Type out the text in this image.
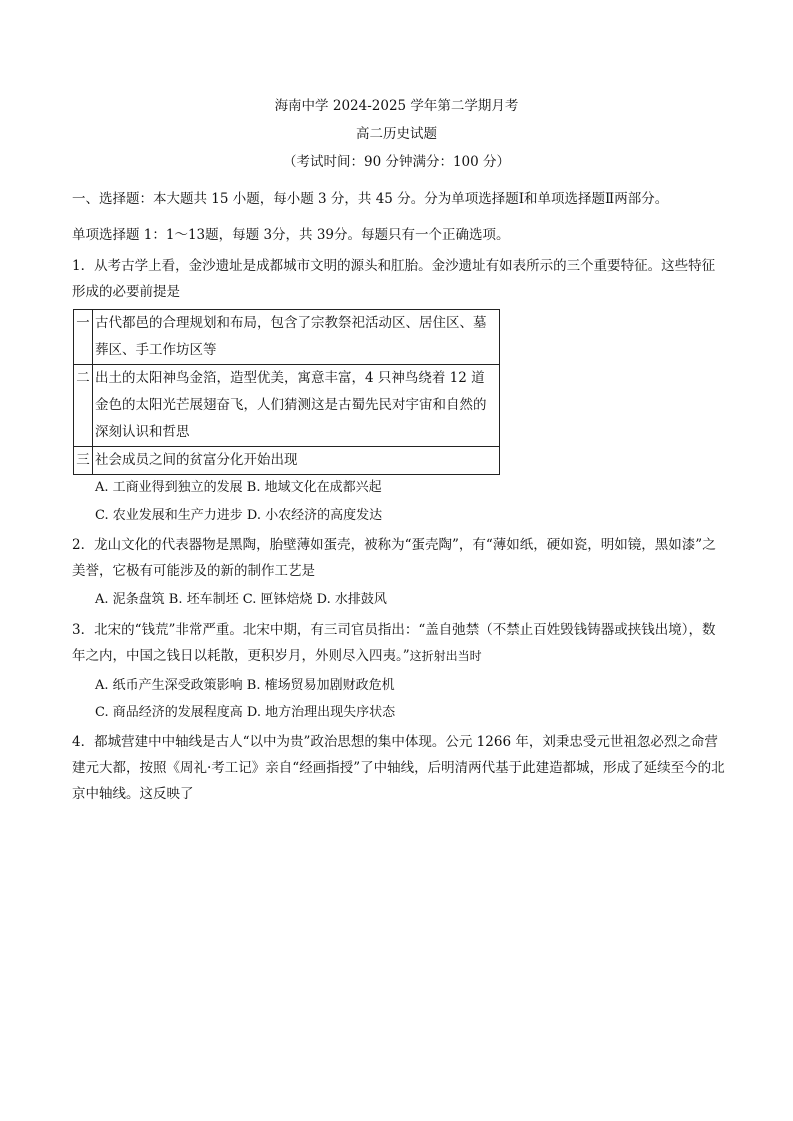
海南中学 2024-2025 学年第二学期月考
高二历史试题
（考试时间：90 分钟满分：100 分）
一、选择题：本大题共 15 小题，每小题 3 分，共 45 分。分为单项选择题Ⅰ和单项选择题Ⅱ两部分。
单项选择题 1：1～13题，每题 3分，共 39分。每题只有一个正确选项。
1．从考古学上看，金沙遗址是成都城市文明的源头和肛胎。金沙遗址有如表所示的三个重要特征。这些特征形成的必要前提是
一	古代都邑的合理规划和布局，包含了宗教祭祀活动区、居住区、墓葬区、手工作坊区等
二	出土的太阳神鸟金箔，造型优美，寓意丰富，4 只神鸟绕着 12 道金色的太阳光芒展翅奋飞，人们猜测这是古蜀先民对宇宙和自然的深刻认识和哲思
三	社会成员之间的贫富分化开始出现
A. 工商业得到独立的发展 B. 地域文化在成都兴起
C. 农业发展和生产力进步 D. 小农经济的高度发达
2．龙山文化的代表器物是黑陶，胎壁薄如蛋壳，被称为“蛋壳陶”，有“薄如纸，硬如瓷，明如镜，黑如漆”之美誉，它极有可能涉及的新的制作工艺是
A. 泥条盘筑 B. 坯车制坯 C. 匣钵焙烧 D. 水排鼓风
3．北宋的“钱荒”非常严重。北宋中期，有三司官员指出：“盖自弛禁（不禁止百姓毁钱铸器或挟钱出境），数年之内，中国之钱日以耗散，更积岁月，外则尽入四夷。”这折射出当时
A. 纸币产生深受政策影响 B. 榷场贸易加剧财政危机
C. 商品经济的发展程度高 D. 地方治理出现失序状态
4．都城营建中中轴线是古人“以中为贵”政治思想的集中体现。公元 1266 年，刘秉忠受元世祖忽必烈之命营建元大都，按照《周礼·考工记》亲自“经画指授”了中轴线，后明清两代基于此建造都城，形成了延续至今的北京中轴线。这反映了
